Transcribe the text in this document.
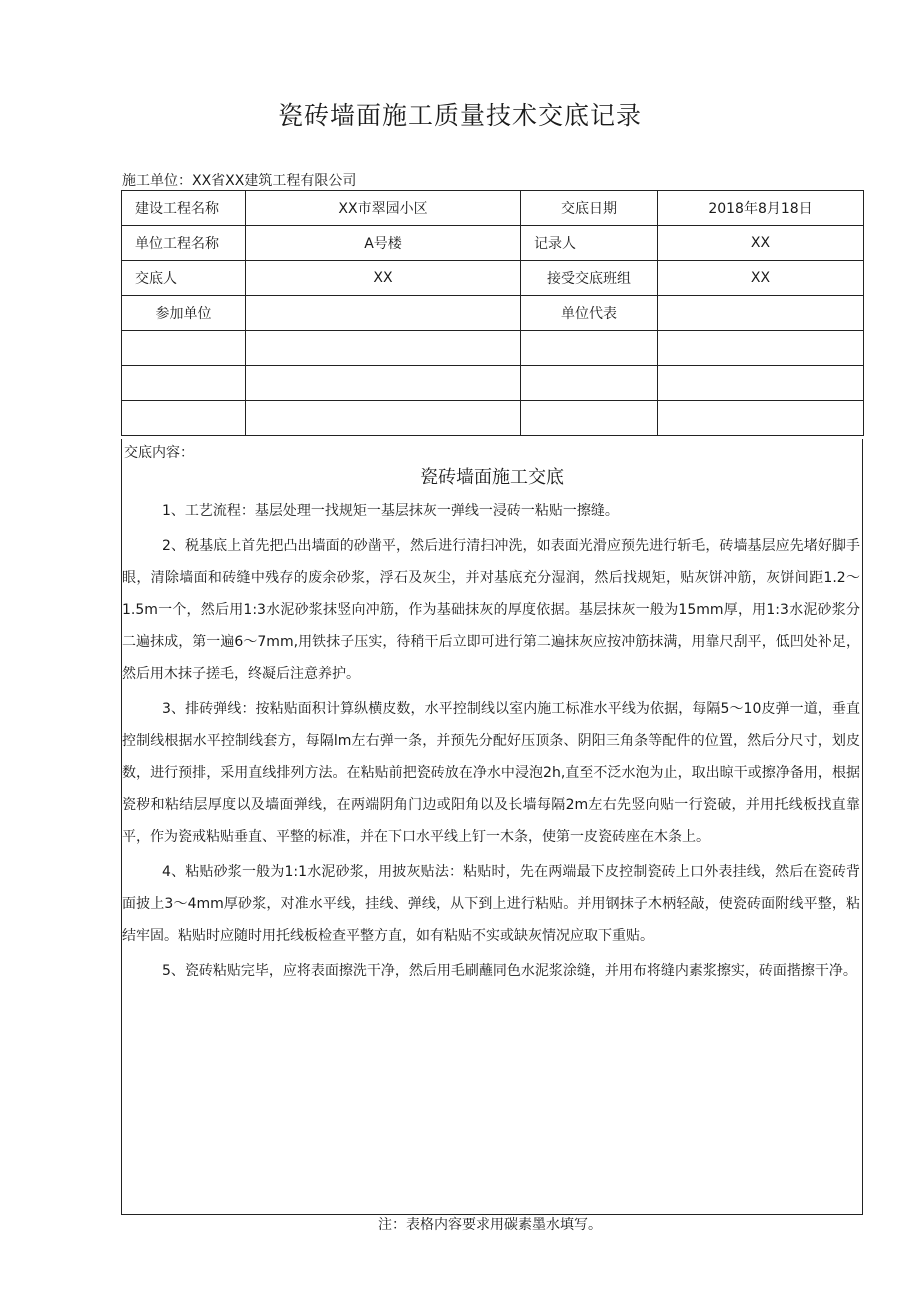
瓷砖墙面施工质量技术交底记录
施工单位：XX省XX建筑工程有限公司
建设工程名称	XX市翠园小区	交底日期	2018年8月18日
单位工程名称	A号楼	记录人	XX
交底人	XX	接受交底班组	XX
参加单位		单位代表	

交底内容：
瓷砖墙面施工交底

1、工艺流程：基层处理一找规矩一基层抹灰一弹线一浸砖一粘贴一擦缝。

2、税基底上首先把凸出墙面的砂凿平，然后进行清扫冲洗，如表面光滑应预先进行斩毛，砖墙基层应先堵好脚手眼，清除墙面和砖缝中残存的废余砂浆，浮石及灰尘，并对基底充分湿润，然后找规矩，贴灰饼冲筋，灰饼间距1.2～1.5m一个，然后用1:3水泥砂浆抹竖向冲筋，作为基础抹灰的厚度依据。基层抹灰一般为15mm厚，用1:3水泥砂浆分二遍抹成，第一遍6～7mm,用铁抹子压实，待稍干后立即可进行第二遍抹灰应按冲筋抹满，用靠尺刮平，低凹处补足，然后用木抹子搓毛，终凝后注意养护。

3、排砖弹线：按粘贴面积计算纵横皮数，水平控制线以室内施工标准水平线为依据，每隔5～10皮弹一道，垂直控制线根据水平控制线套方，每隔lm左右弹一条，并预先分配好压顶条、阴阳三角条等配件的位置，然后分尺寸，划皮数，进行预排，采用直线排列方法。在粘贴前把瓷砖放在净水中浸泡2h,直至不泛水泡为止，取出晾干或擦净备用，根据瓷秽和粘结层厚度以及墙面弹线，在两端阴角门边或阳角以及长墙每隔2m左右先竖向贴一行瓷破，并用托线板找直靠平，作为瓷戒粘贴垂直、平整的标准，并在下口水平线上钉一木条，使第一皮瓷砖座在木条上。

4、粘贴砂浆一般为1:1水泥砂浆，用披灰贴法：粘贴时，先在两端最下皮控制瓷砖上口外表挂线，然后在瓷砖背面披上3～4mm厚砂浆，对准水平线，挂线、弹线，从下到上进行粘贴。并用钢抹子木柄轻敲，使瓷砖面附线平整，粘结牢固。粘贴时应随时用托线板检查平整方直，如有粘贴不实或缺灰情况应取下重贴。

5、瓷砖粘贴完毕，应将表面擦洗干净，然后用毛刷蘸同色水泥浆涂缝，并用布将缝内素浆擦实，砖面揩擦干净。

注：表格内容要求用碳素墨水填写。
